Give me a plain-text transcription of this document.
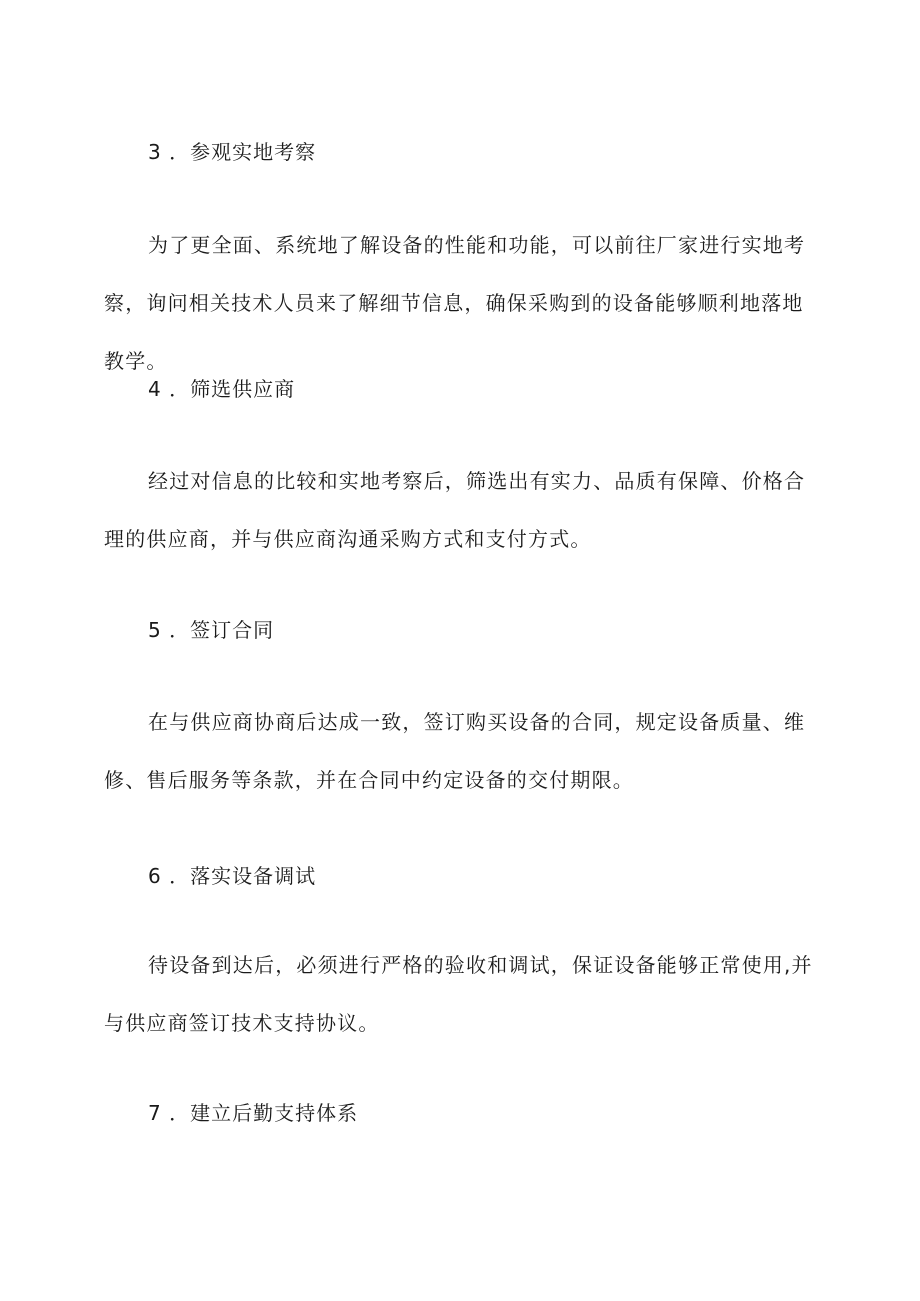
3 ．参观实地考察

为了更全面、系统地了解设备的性能和功能，可以前往厂家进行实地考察，询问相关技术人员来了解细节信息，确保采购到的设备能够顺利地落地教学。

4 ．筛选供应商

经过对信息的比较和实地考察后，筛选出有实力、品质有保障、价格合理的供应商，并与供应商沟通采购方式和支付方式。

5 ．签订合同

在与供应商协商后达成一致，签订购买设备的合同，规定设备质量、维修、售后服务等条款，并在合同中约定设备的交付期限。

6 ．落实设备调试

待设备到达后，必须进行严格的验收和调试，保证设备能够正常使用,并与供应商签订技术支持协议。

7 ．建立后勤支持体系
